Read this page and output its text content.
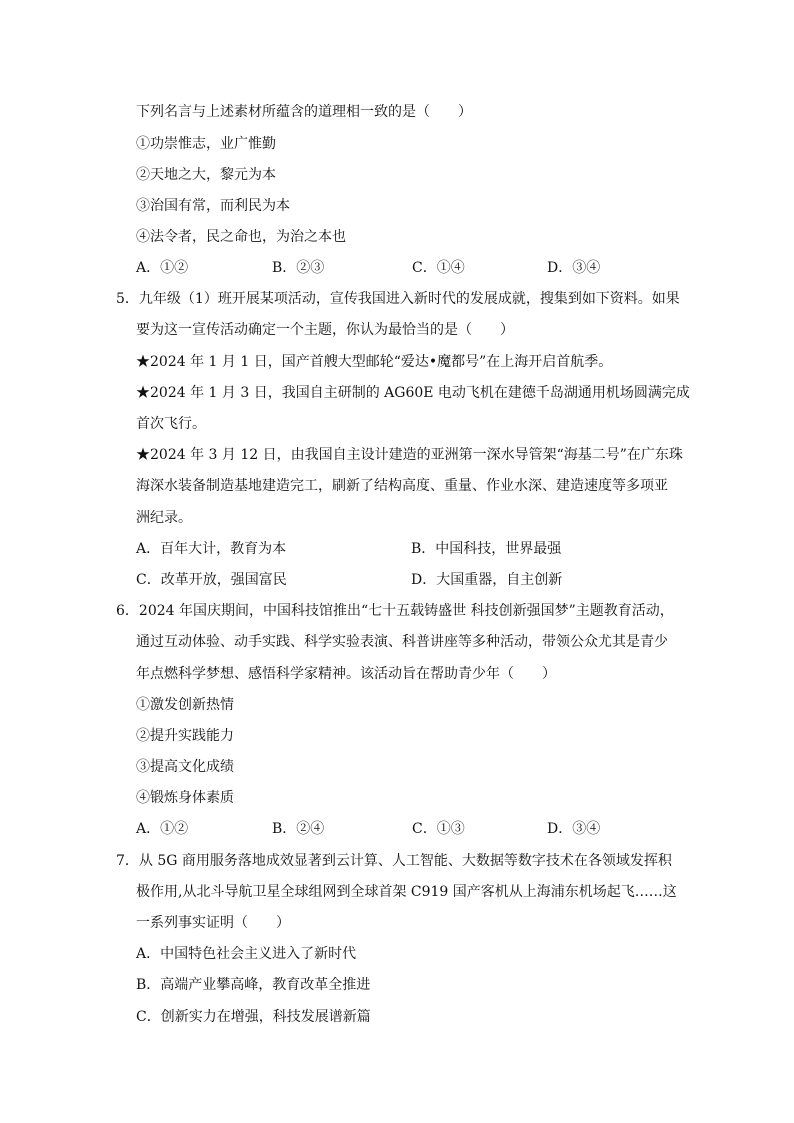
下列名言与上述素材所蕴含的道理相一致的是（　　）
①功崇惟志，业广惟勤
②天地之大，黎元为本
③治国有常，而利民为本
④法令者，民之命也，为治之本也
A．①②	B．②③	C．①④	D．③④
5．九年级（1）班开展某项活动，宣传我国进入新时代的发展成就，搜集到如下资料。如果
要为这一宣传活动确定一个主题，你认为最恰当的是（　　）
★2024 年 1 月 1 日，国产首艘大型邮轮“爱达•魔都号”在上海开启首航季。
★2024 年 1 月 3 日，我国自主研制的 AG60E 电动飞机在建德千岛湖通用机场圆满完成
首次飞行。
★2024 年 3 月 12 日，由我国自主设计建造的亚洲第一深水导管架“海基二号”在广东珠
海深水装备制造基地建造完工，刷新了结构高度、重量、作业水深、建造速度等多项亚
洲纪录。
A．百年大计，教育为本	B．中国科技，世界最强
C．改革开放，强国富民	D．大国重器，自主创新
6．2024 年国庆期间，中国科技馆推出“七十五载铸盛世 科技创新强国梦”主题教育活动，
通过互动体验、动手实践、科学实验表演、科普讲座等多种活动，带领公众尤其是青少
年点燃科学梦想、感悟科学家精神。该活动旨在帮助青少年（　　）
①激发创新热情
②提升实践能力
③提高文化成绩
④锻炼身体素质
A．①②	B．②④	C．①③	D．③④
7．从 5G 商用服务落地成效显著到云计算、人工智能、大数据等数字技术在各领域发挥积
极作用,从北斗导航卫星全球组网到全球首架 C919 国产客机从上海浦东机场起飞……这
一系列事实证明（　　）
A．中国特色社会主义进入了新时代
B．高端产业攀高峰，教育改革全推进
C．创新实力在增强，科技发展谱新篇
